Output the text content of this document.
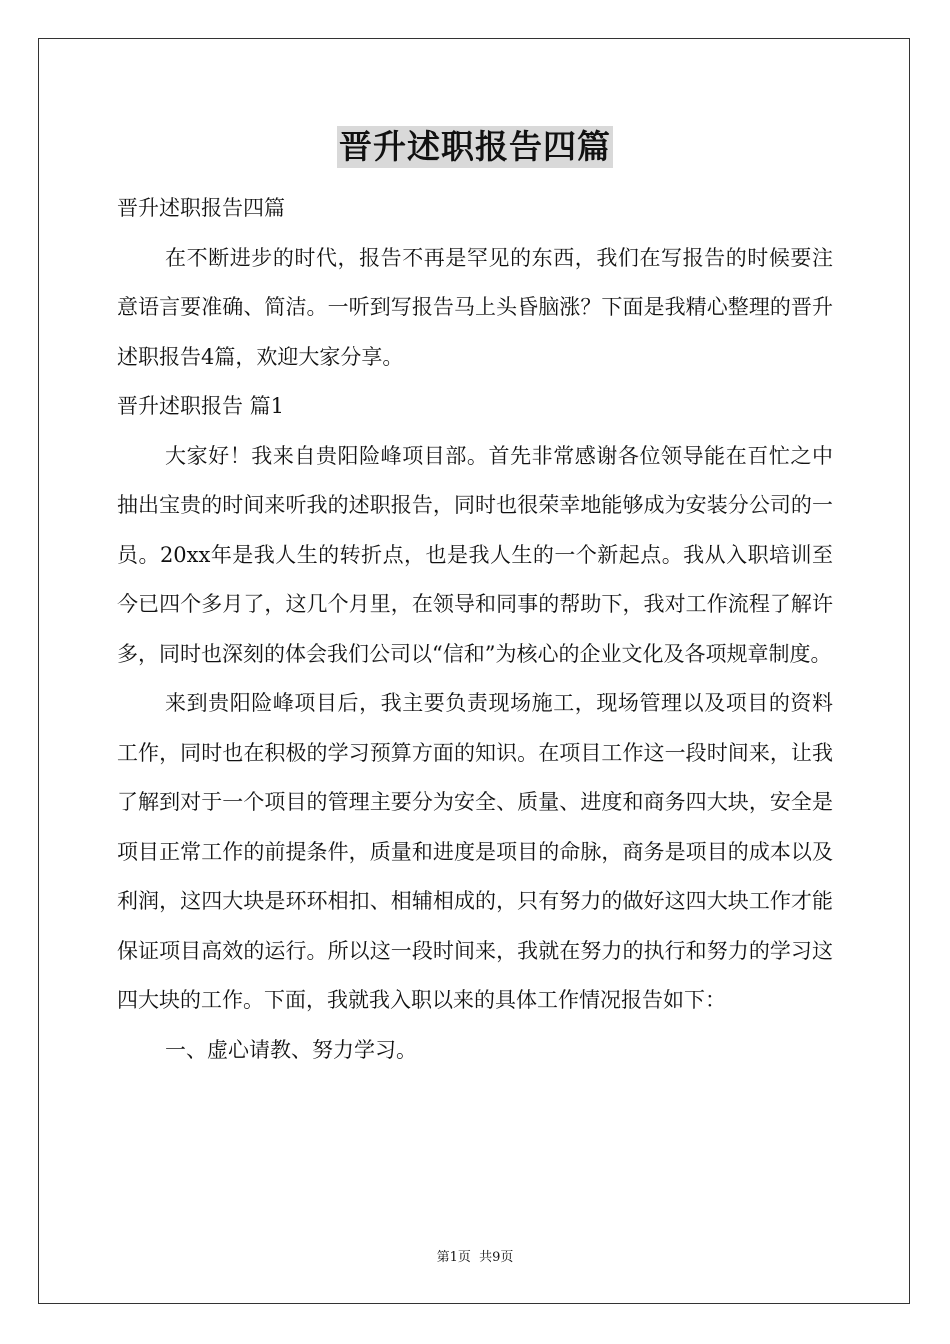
晋升述职报告四篇

晋升述职报告四篇

在不断进步的时代，报告不再是罕见的东西，我们在写报告的时候要注意语言要准确、简洁。一听到写报告马上头昏脑涨？下面是我精心整理的晋升述职报告4篇，欢迎大家分享。

晋升述职报告 篇1

大家好！我来自贵阳险峰项目部。首先非常感谢各位领导能在百忙之中抽出宝贵的时间来听我的述职报告，同时也很荣幸地能够成为安装分公司的一员。20xx年是我人生的转折点，也是我人生的一个新起点。我从入职培训至今已四个多月了，这几个月里，在领导和同事的帮助下，我对工作流程了解许多，同时也深刻的体会我们公司以“信和”为核心的企业文化及各项规章制度。

来到贵阳险峰项目后，我主要负责现场施工，现场管理以及项目的资料工作，同时也在积极的学习预算方面的知识。在项目工作这一段时间来，让我了解到对于一个项目的管理主要分为安全、质量、进度和商务四大块，安全是项目正常工作的前提条件，质量和进度是项目的命脉，商务是项目的成本以及利润，这四大块是环环相扣、相辅相成的，只有努力的做好这四大块工作才能保证项目高效的运行。所以这一段时间来，我就在努力的执行和努力的学习这四大块的工作。下面，我就我入职以来的具体工作情况报告如下：

一、虚心请教、努力学习。

第1页 共9页
